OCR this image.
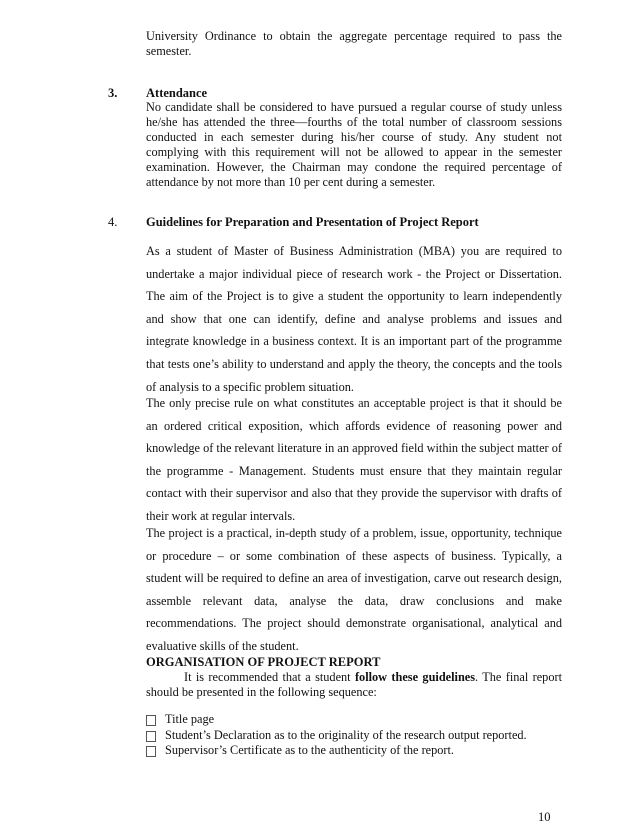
University Ordinance to obtain the aggregate percentage required to pass the semester.
3. Attendance
No candidate shall be considered to have pursued a regular course of study unless he/she has attended the three—fourths of the total number of classroom sessions conducted in each semester during his/her course of study. Any student not complying with this requirement will not be allowed to appear in the semester examination. However, the Chairman may condone the required percentage of attendance by not more than 10 per cent during a semester.
4. Guidelines for Preparation and Presentation of Project Report
As a student of Master of Business Administration (MBA) you are required to undertake a major individual piece of research work - the Project or Dissertation. The aim of the Project is to give a student the opportunity to learn independently and show that one can identify, define and analyse problems and issues and integrate knowledge in a business context. It is an important part of the programme that tests one’s ability to understand and apply the theory, the concepts and the tools of analysis to a specific problem situation.
The only precise rule on what constitutes an acceptable project is that it should be an ordered critical exposition, which affords evidence of reasoning power and knowledge of the relevant literature in an approved field within the subject matter of the programme - Management. Students must ensure that they maintain regular contact with their supervisor and also that they provide the supervisor with drafts of their work at regular intervals.
The project is a practical, in-depth study of a problem, issue, opportunity, technique or procedure – or some combination of these aspects of business. Typically, a student will be required to define an area of investigation, carve out research design, assemble relevant data, analyse the data, draw conclusions and make recommendations. The project should demonstrate organisational, analytical and evaluative skills of the student.
ORGANISATION OF PROJECT REPORT
It is recommended that a student follow these guidelines. The final report should be presented in the following sequence:
Title page
Student’s Declaration as to the originality of the research output reported.
Supervisor’s Certificate as to the authenticity of the report.
10
